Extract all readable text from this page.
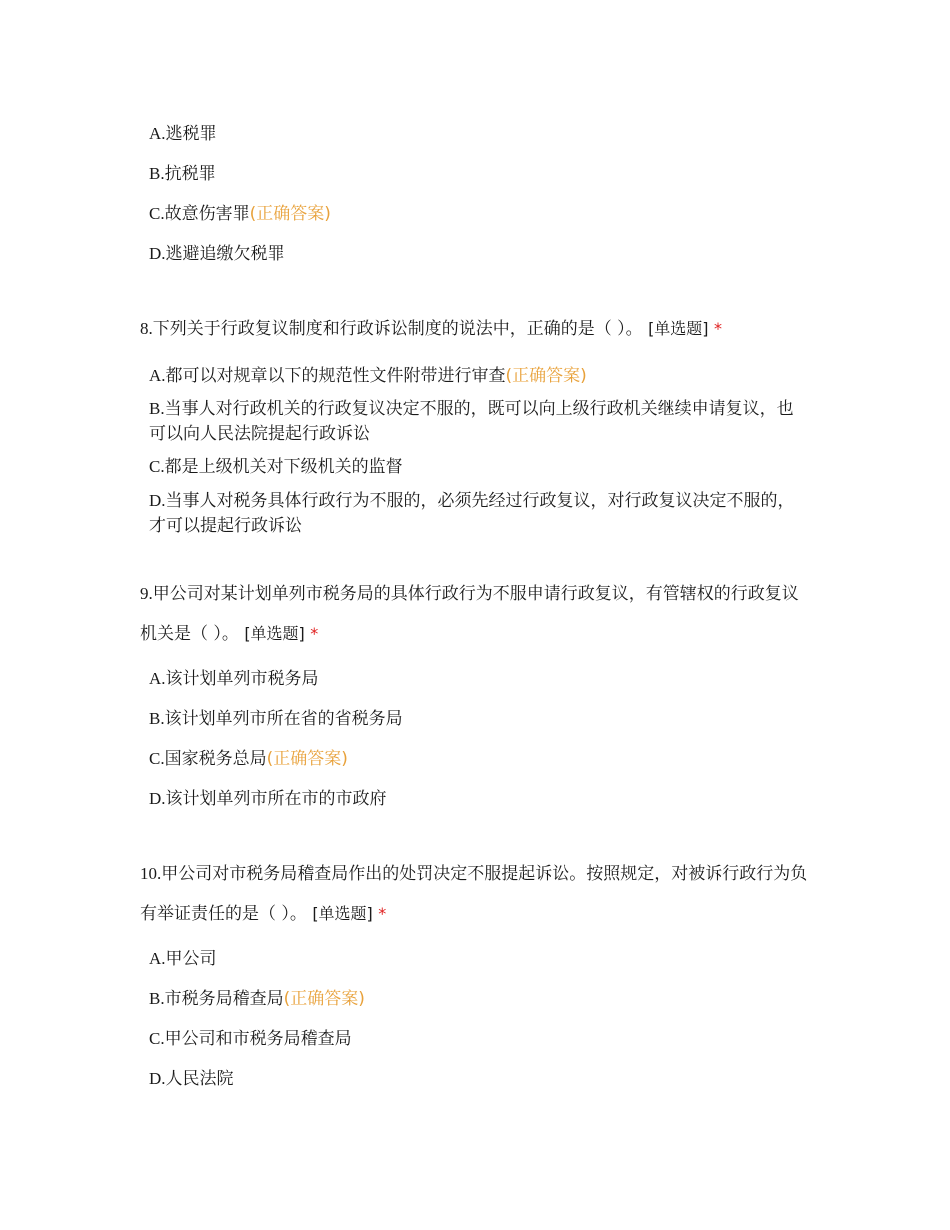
A.逃税罪
B.抗税罪
C.故意伤害罪(正确答案)
D.逃避追缴欠税罪
8.下列关于行政复议制度和行政诉讼制度的说法中，正确的是（ ）。 [单选题] *
A.都可以对规章以下的规范性文件附带进行审查(正确答案)
B.当事人对行政机关的行政复议决定不服的，既可以向上级行政机关继续申请复议，也可以向人民法院提起行政诉讼
C.都是上级机关对下级机关的监督
D.当事人对税务具体行政行为不服的，必须先经过行政复议，对行政复议决定不服的，才可以提起行政诉讼
9.甲公司对某计划单列市税务局的具体行政行为不服申请行政复议，有管辖权的行政复议机关是（ ）。 [单选题] *
A.该计划单列市税务局
B.该计划单列市所在省的省税务局
C.国家税务总局(正确答案)
D.该计划单列市所在市的市政府
10.甲公司对市税务局稽查局作出的处罚决定不服提起诉讼。按照规定，对被诉行政行为负有举证责任的是（ ）。 [单选题] *
A.甲公司
B.市税务局稽查局(正确答案)
C.甲公司和市税务局稽查局
D.人民法院
